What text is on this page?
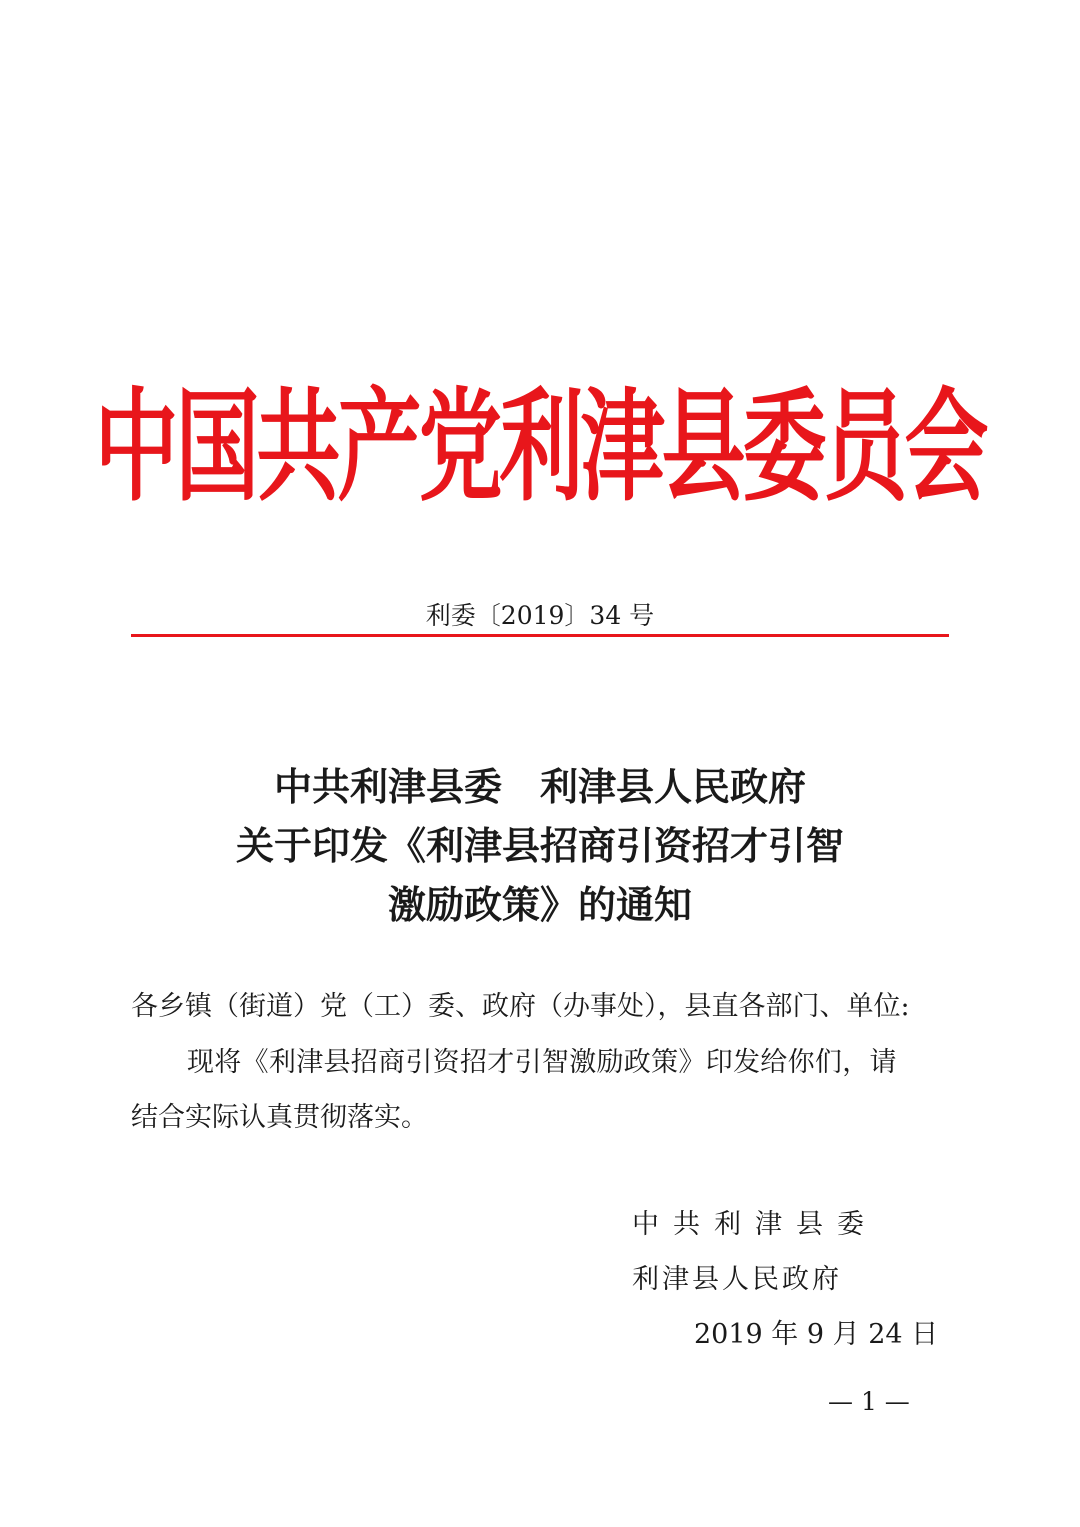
中国共产党利津县委员会
利委〔2019〕34 号
中共利津县委　利津县人民政府
关于印发《利津县招商引资招才引智
激励政策》的通知
各乡镇（街道）党（工）委、政府（办事处），县直各部门、单位:
现将《利津县招商引资招才引智激励政策》印发给你们，请
结合实际认真贯彻落实。
中共利津县委
利津县人民政府
2019 年 9 月 24 日
— 1 —
